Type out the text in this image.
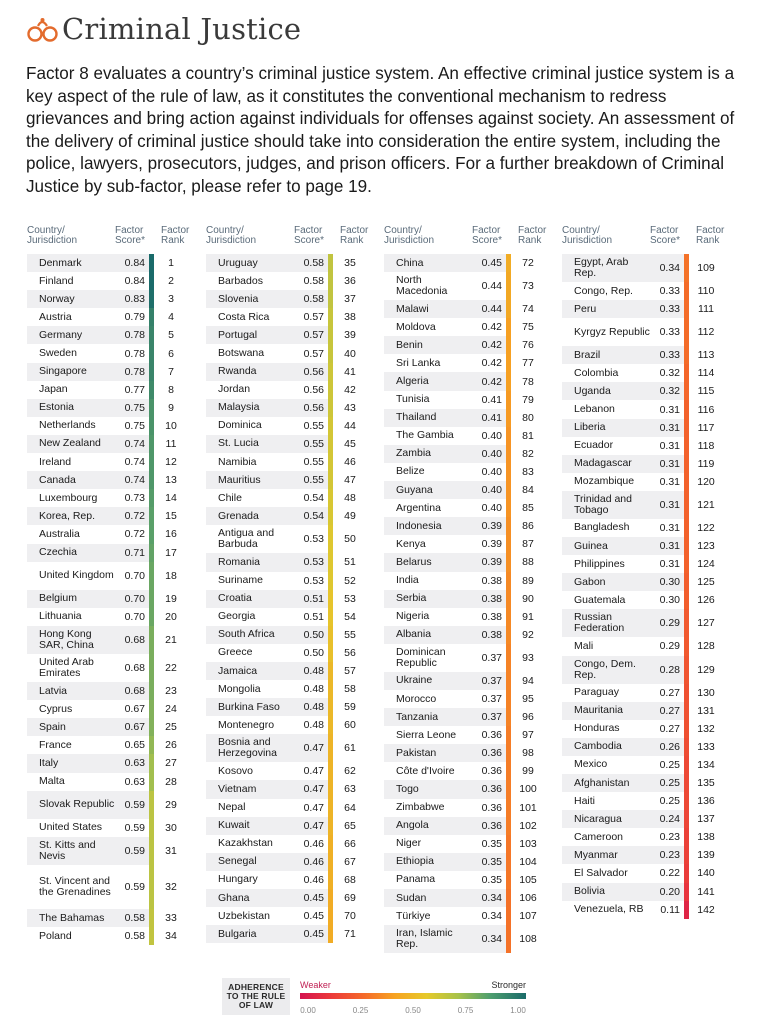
Criminal Justice
Factor 8 evaluates a country’s criminal justice system. An effective criminal justice system is a key aspect of the rule of law, as it constitutes the conventional mechanism to redress grievances and bring action against individuals for offenses against society. An assessment of the delivery of criminal justice should take into consideration the entire system, including the police, lawyers, prosecutors, judges, and prison officers. For a further breakdown of Criminal Justice by sub-factor, please refer to page 19.
Country/ Jurisdiction
Factor Score*
Factor Rank
Denmark	0.84	1
Finland	0.84	2
Norway	0.83	3
Austria	0.79	4
Germany	0.78	5
Sweden	0.78	6
Singapore	0.78	7
Japan	0.77	8
Estonia	0.75	9
Netherlands	0.75	10
New Zealand	0.74	11
Ireland	0.74	12
Canada	0.74	13
Luxembourg	0.73	14
Korea, Rep.	0.72	15
Australia	0.72	16
Czechia	0.71	17
United Kingdom	0.70	18
Belgium	0.70	19
Lithuania	0.70	20
Hong Kong SAR, China	0.68	21
United Arab Emirates	0.68	22
Latvia	0.68	23
Cyprus	0.67	24
Spain	0.67	25
France	0.65	26
Italy	0.63	27
Malta	0.63	28
Slovak Republic 0.59	29
United States	0.59	30
St. Kitts and Nevis	0.59	31
St. Vincent and the Grenadines	0.59	32
The Bahamas	0.58	33
Poland	0.58	34
Country/ Jurisdiction
Factor Score*
Factor Rank
Uruguay	0.58	35
Barbados	0.58	36
Slovenia	0.58	37
Costa Rica	0.57	38
Portugal	0.57	39
Botswana	0.57	40
Rwanda	0.56	41
Jordan	0.56	42
Malaysia	0.56	43
Dominica	0.55	44
St. Lucia	0.55	45
Namibia	0.55	46
Mauritius	0.55	47
Chile	0.54	48
Grenada	0.54	49
Antigua and Barbuda	0.53	50
Romania	0.53	51
Suriname	0.53	52
Croatia	0.51	53
Georgia	0.51	54
South Africa	0.50	55
Greece	0.50	56
Jamaica	0.48	57
Mongolia	0.48	58
Burkina Faso	0.48	59
Montenegro	0.48	60
Bosnia and Herzegovina	0.47	61
Kosovo	0.47	62
Vietnam	0.47	63
Nepal	0.47	64
Kuwait	0.47	65
Kazakhstan	0.46	66
Senegal	0.46	67
Hungary	0.46	68
Ghana	0.45	69
Uzbekistan	0.45	70
Bulgaria	0.45	71
Country/ Jurisdiction
Factor Score*
Factor Rank
China	0.45	72
North Macedonia	0.44	73
Malawi	0.44	74
Moldova	0.42	75
Benin	0.42	76
Sri Lanka	0.42	77
Algeria	0.42	78
Tunisia	0.41	79
Thailand	0.41	80
The Gambia	0.40	81
Zambia	0.40	82
Belize	0.40	83
Guyana	0.40	84
Argentina	0.40	85
Indonesia	0.39	86
Kenya	0.39	87
Belarus	0.39	88
India	0.38	89
Serbia	0.38	90
Nigeria	0.38	91
Albania	0.38	92
Dominican Republic	0.37	93
Ukraine	0.37	94
Morocco	0.37	95
Tanzania	0.37	96
Sierra Leone	0.36	97
Pakistan	0.36	98
Côte d'Ivoire	0.36	99
Togo	0.36	100
Zimbabwe	0.36	101
Angola	0.36	102
Niger	0.35	103
Ethiopia	0.35	104
Panama	0.35	105
Sudan	0.34	106
Türkiye	0.34	107
Iran, Islamic Rep.	0.34	108
Country/ Jurisdiction
Factor Score*
Factor Rank
Egypt, Arab Rep.	0.34	109
Congo, Rep.	0.33	110
Peru	0.33	111
Kyrgyz Republic 0.33	112
Brazil	0.33	113
Colombia	0.32	114
Uganda	0.32	115
Lebanon	0.31	116
Liberia	0.31	117
Ecuador	0.31	118
Madagascar	0.31	119
Mozambique	0.31	120
Trinidad and Tobago	0.31	121
Bangladesh	0.31	122
Guinea	0.31	123
Philippines	0.31	124
Gabon	0.30	125
Guatemala	0.30	126
Russian Federation	0.29	127
Mali	0.29	128
Congo, Dem. Rep.	0.28	129
Paraguay	0.27	130
Mauritania	0.27	131
Honduras	0.27	132
Cambodia	0.26	133
Mexico	0.25	134
Afghanistan	0.25	135
Haiti	0.25	136
Nicaragua	0.24	137
Cameroon	0.23	138
Myanmar	0.23	139
El Salvador	0.22	140
Bolivia	0.20	141
Venezuela, RB	0.11	142
ADHERENCE TO THE RULE OF LAW
Weaker	Stronger
0.00	0.25	0.50	0.75	1.00
